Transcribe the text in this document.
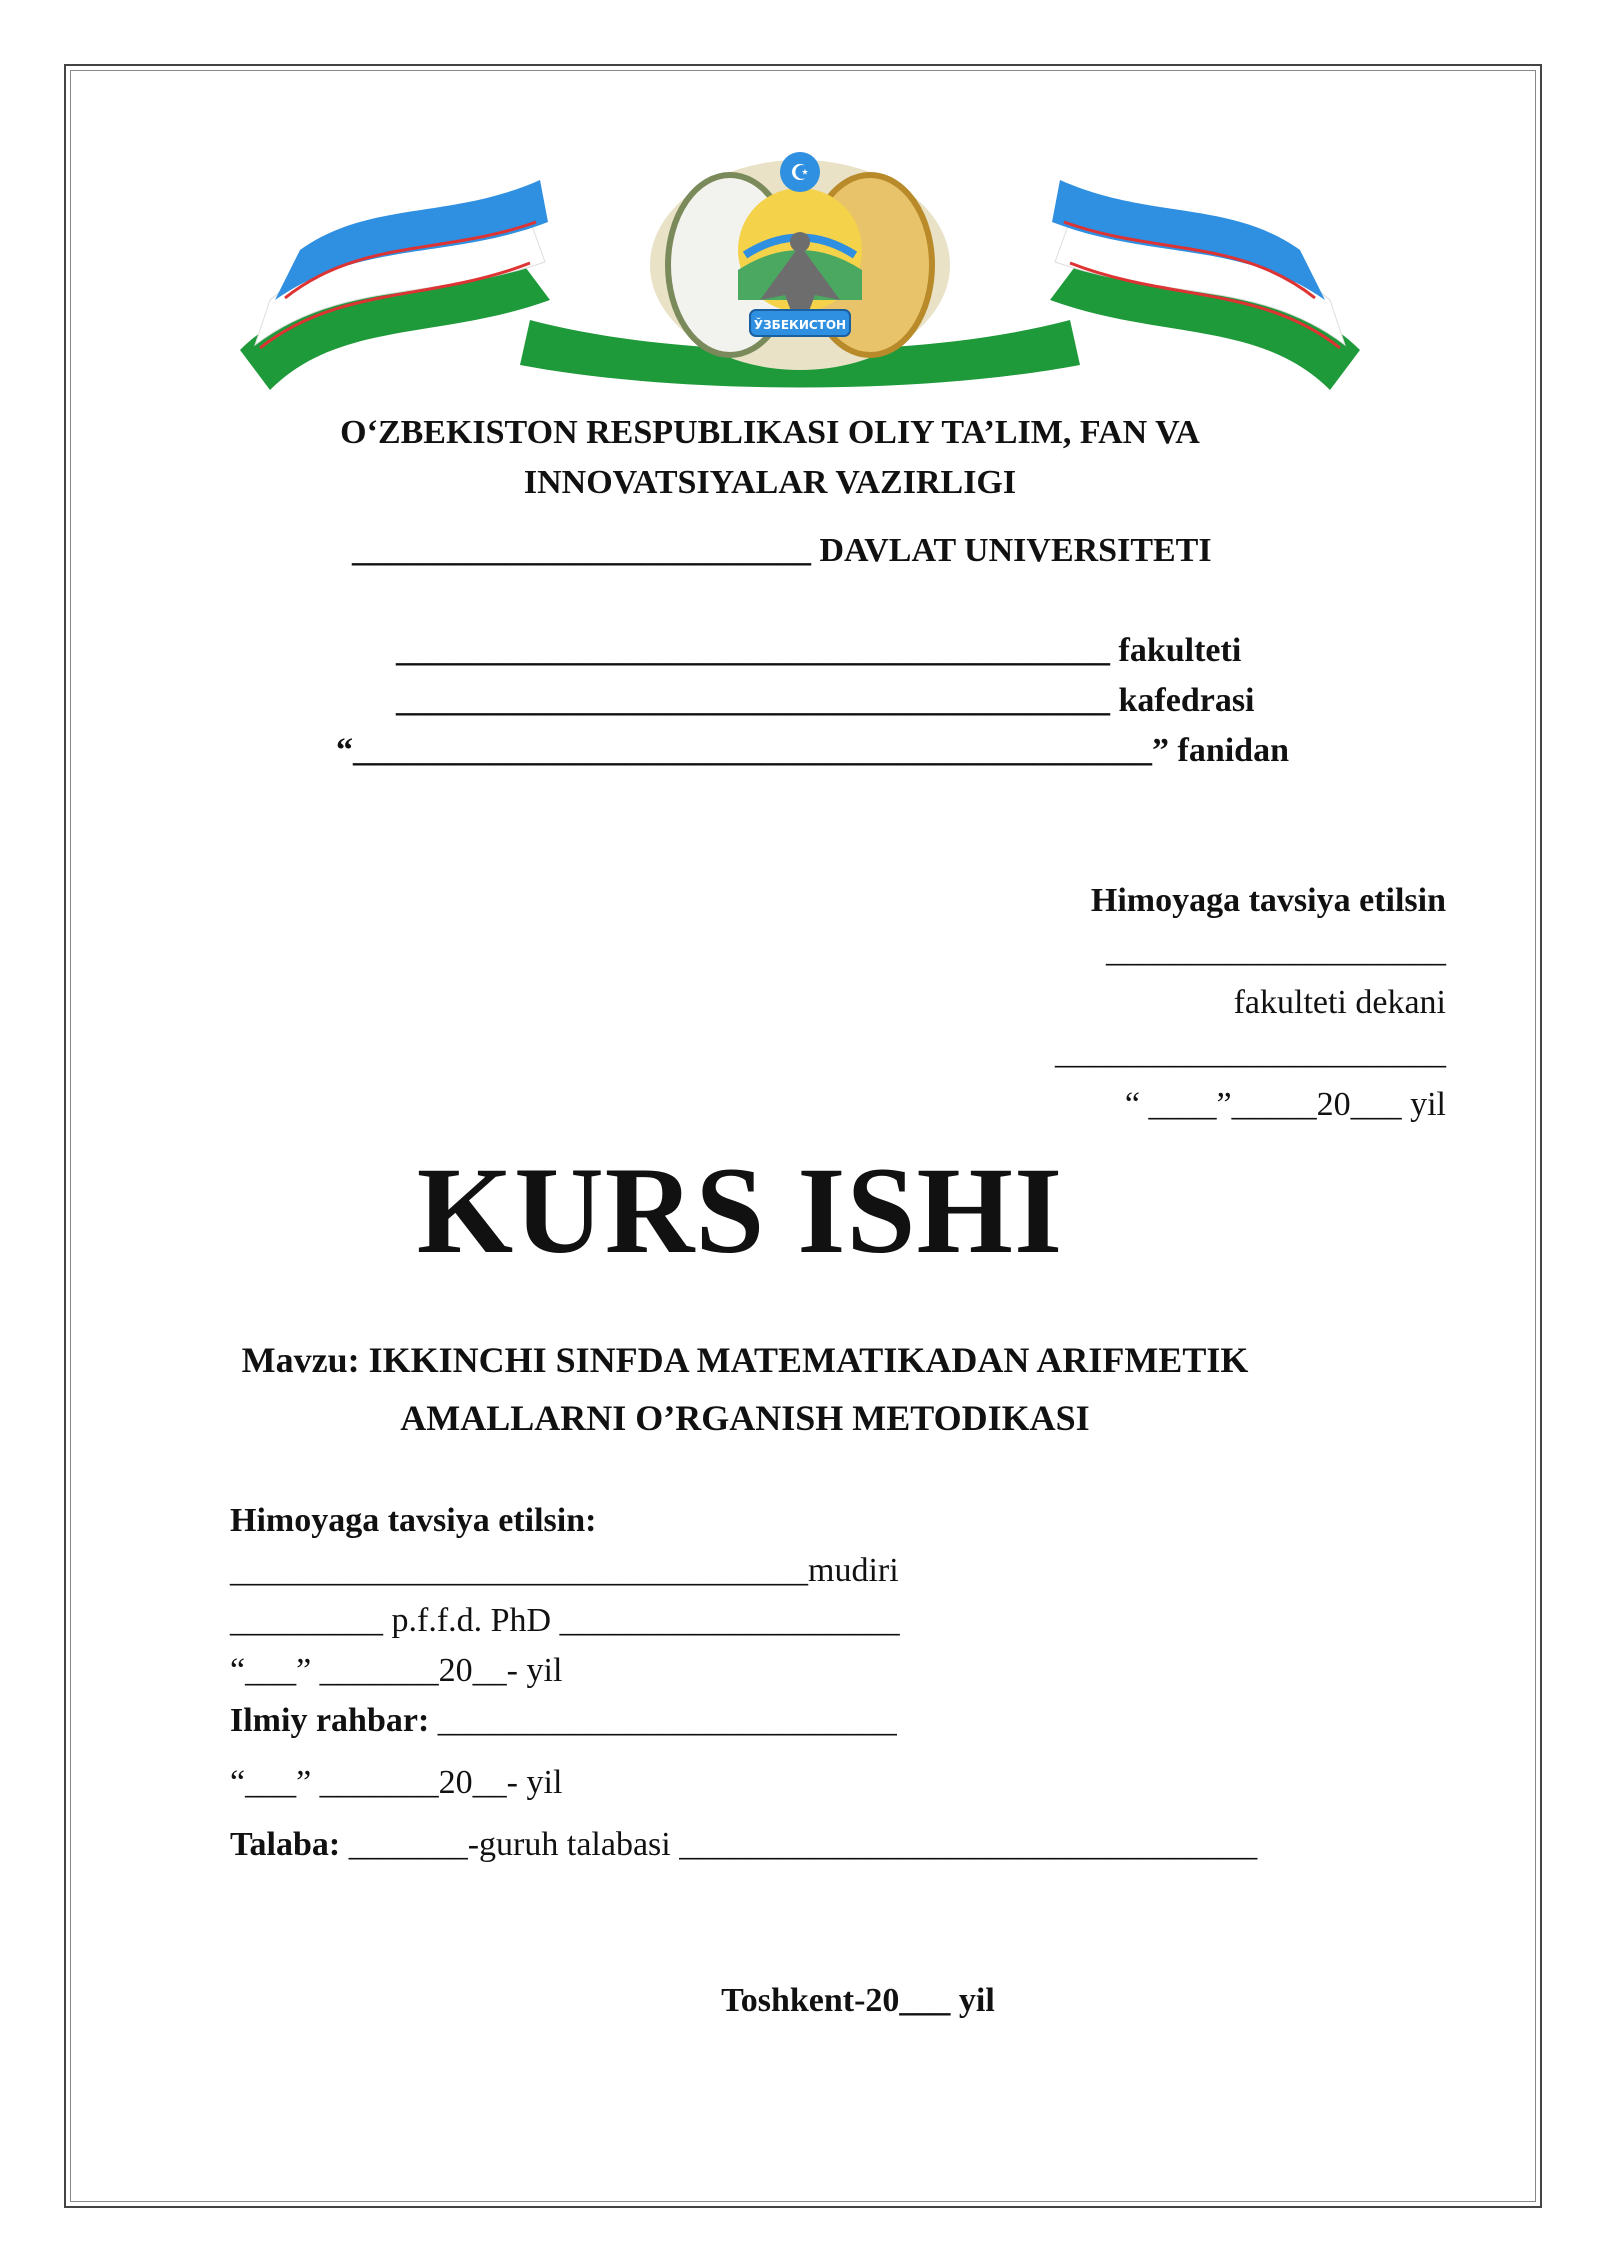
☪
ЎЗБЕКИСТОН
O‘ZBEKISTON RESPUBLIKASI OLIY TA’LIM, FAN VA
INNOVATSIYALAR VAZIRLIGI
___________________________ DAVLAT UNIVERSITETI
__________________________________________ fakulteti
__________________________________________ kafedrasi
“_______________________________________________” fanidan
Himoyaga tavsiya etilsin
____________________
fakulteti dekani
_______________________
“ ____”_____20___ yil
KURS ISHI
Mavzu: IKKINCHI SINFDA MATEMATIKADAN ARIFMETIK
AMALLARNI O’RGANISH METODIKASI
Himoyaga tavsiya etilsin:
__________________________________mudiri
_________ p.f.f.d. PhD ____________________
“___” _______20__- yil
Ilmiy rahbar: ___________________________
“___” _______20__- yil
Talaba: _______-guruh talabasi __________________________________
Toshkent-20___ yil
